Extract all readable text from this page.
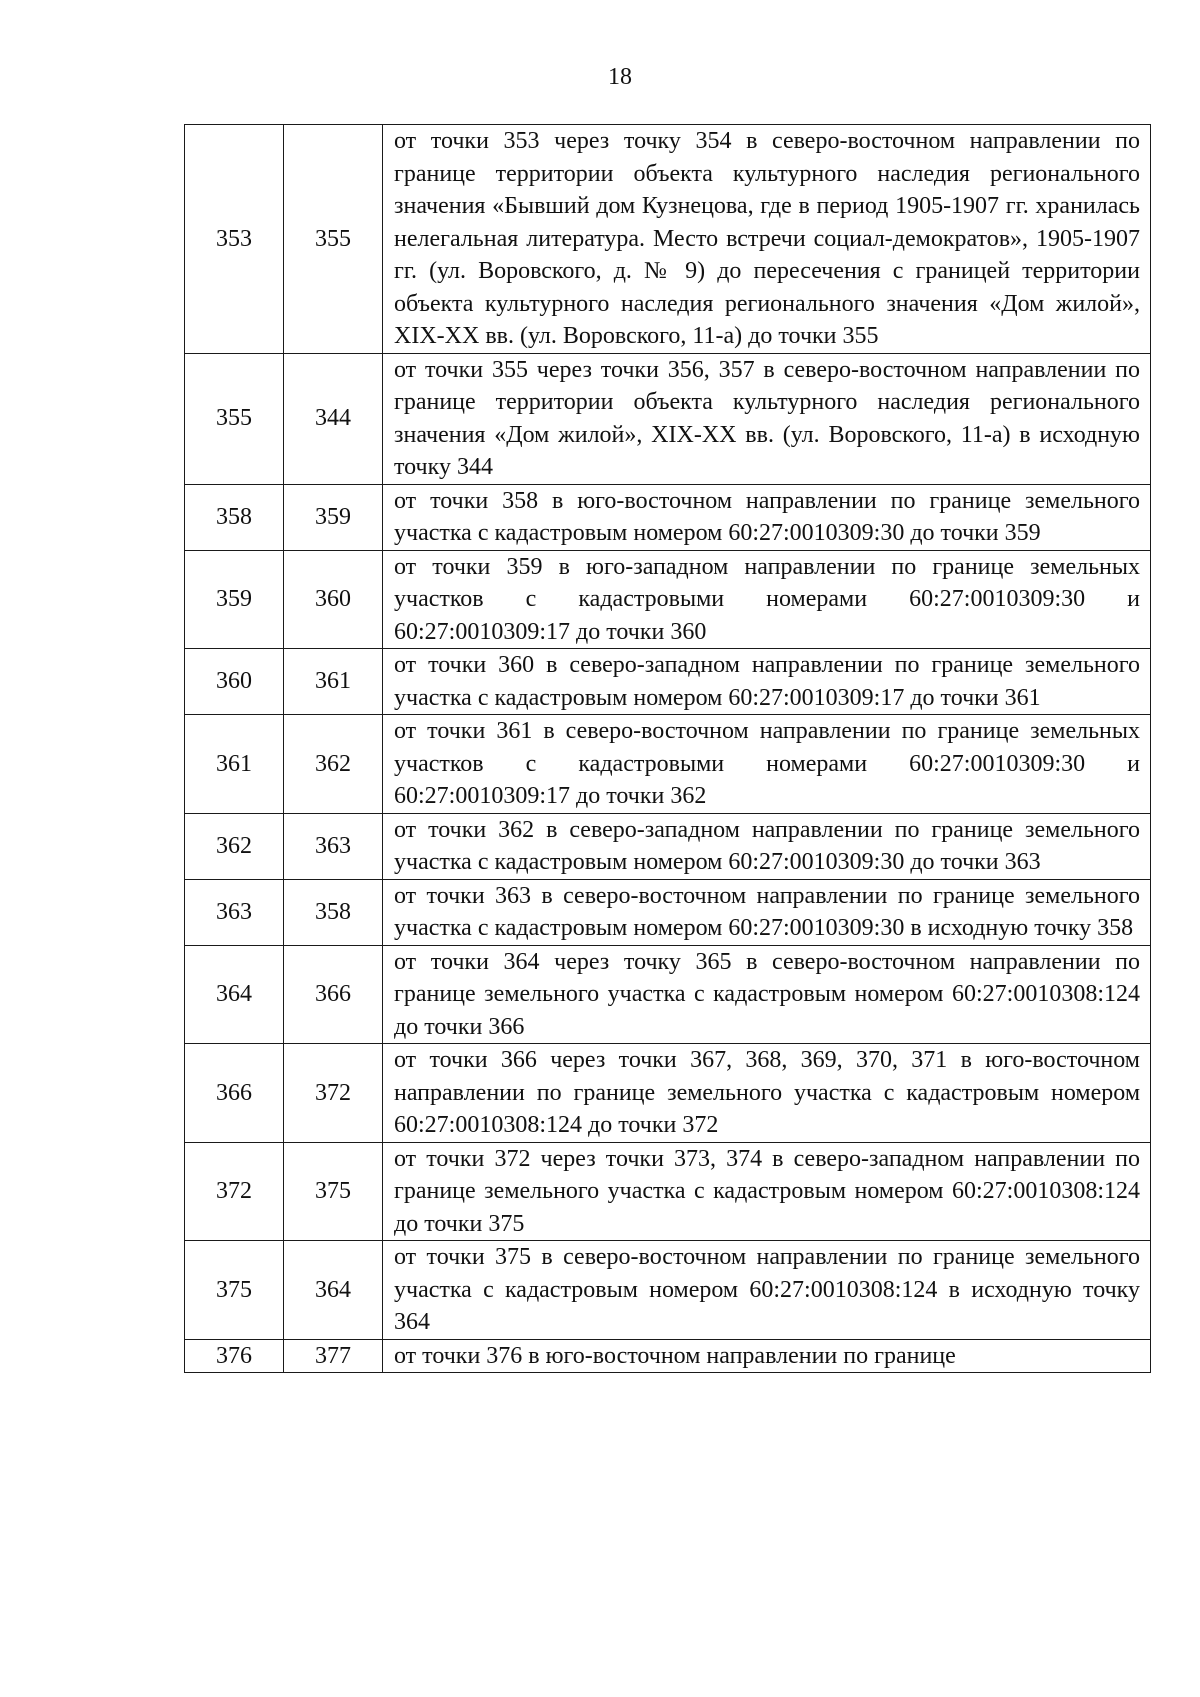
18
353	355	от точки 353 через точку 354 в северо-восточном направлении по границе территории объекта культурного наследия регионального значения «Бывший дом Кузнецова, где в период 1905-1907 гг. хранилась нелегальная литература. Место встречи социал-демократов», 1905-1907 гг. (ул. Воровского, д. № 9) до пересечения с границей территории объекта культурного наследия регионального значения «Дом жилой», XIX-XX вв. (ул. Воровского, 11-а) до точки 355
355	344	от точки 355 через точки 356, 357 в северо-восточном направлении по границе территории объекта культурного наследия регионального значения «Дом жилой», XIX-XX вв. (ул. Воровского, 11-а) в исходную точку 344
358	359	от точки 358 в юго-восточном направлении по границе земельного участка с кадастровым номером 60:27:0010309:30 до точки 359
359	360	от точки 359 в юго-западном направлении по границе земельных участков с кадастровыми номерами 60:27:0010309:30 и 60:27:0010309:17 до точки 360
360	361	от точки 360 в северо-западном направлении по границе земельного участка с кадастровым номером 60:27:0010309:17 до точки 361
361	362	от точки 361 в северо-восточном направлении по границе земельных участков с кадастровыми номерами 60:27:0010309:30 и 60:27:0010309:17 до точки 362
362	363	от точки 362 в северо-западном направлении по границе земельного участка с кадастровым номером 60:27:0010309:30 до точки 363
363	358	от точки 363 в северо-восточном направлении по границе земельного участка с кадастровым номером 60:27:0010309:30 в исходную точку 358
364	366	от точки 364 через точку 365 в северо-восточном направлении по границе земельного участка с кадастровым номером 60:27:0010308:124 до точки 366
366	372	от точки 366 через точки 367, 368, 369, 370, 371 в юго-восточном направлении по границе земельного участка с кадастровым номером 60:27:0010308:124 до точки 372
372	375	от точки 372 через точки 373, 374 в северо-западном направлении по границе земельного участка с кадастровым номером 60:27:0010308:124 до точки 375
375	364	от точки 375 в северо-восточном направлении по границе земельного участка с кадастровым номером 60:27:0010308:124 в исходную точку 364
376	377	от точки 376 в юго-восточном направлении по границе
